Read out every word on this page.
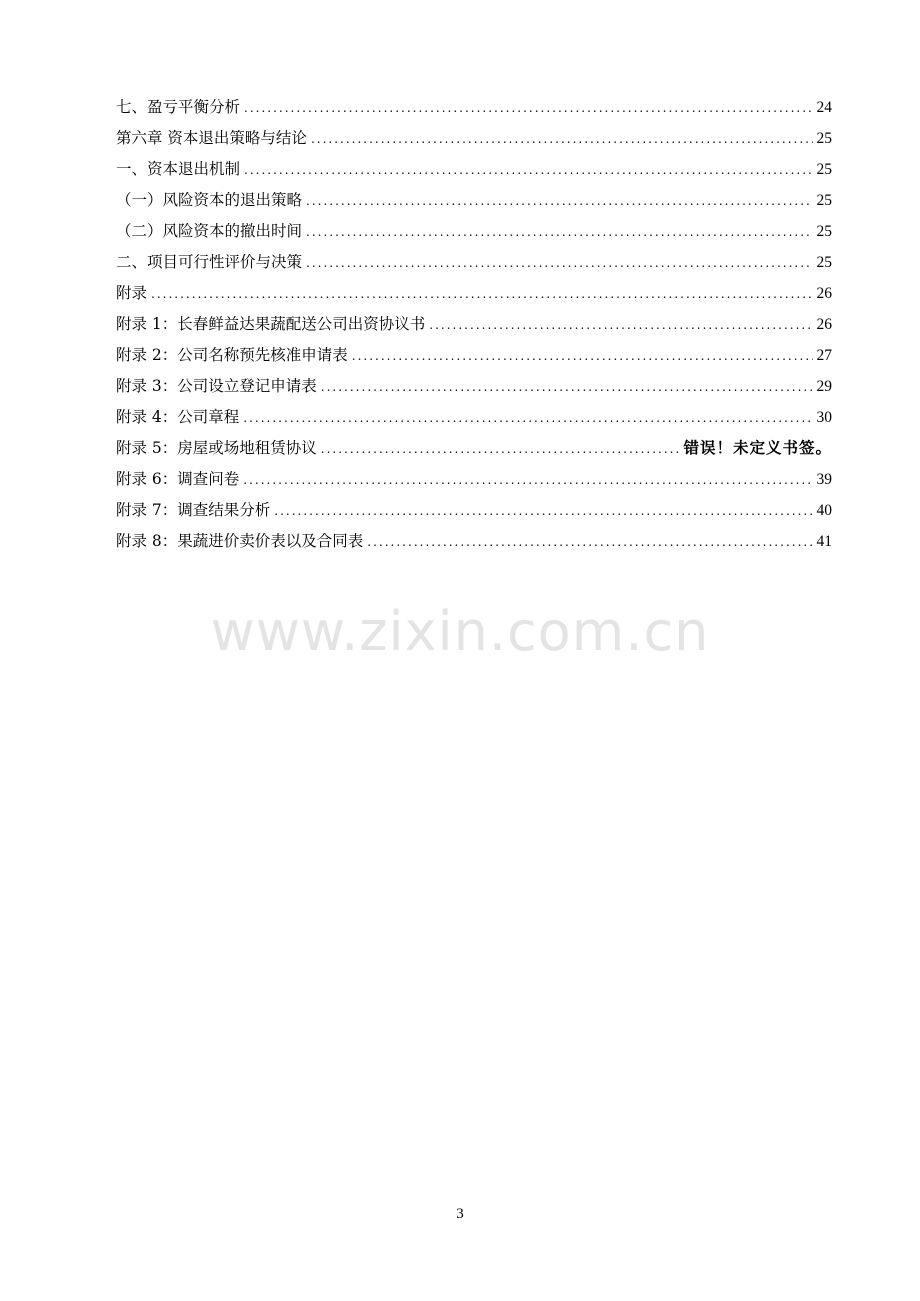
七、盈亏平衡分析 .....	24
第六章 资本退出策略与结论 .....	25
一、资本退出机制 .....	25
（一）风险资本的退出策略 .....	25
（二）风险资本的撤出时间 .....	25
二、项目可行性评价与决策 .....	25
附录 .....	26
附录 1：长春鲜益达果蔬配送公司出资协议书 .....	26
附录 2：公司名称预先核准申请表 .....	27
附录 3：公司设立登记申请表 .....	29
附录 4：公司章程 .....	30
附录 5：房屋或场地租赁协议 .....	错误！未定义书签。
附录 6：调查问卷 .....	39
附录 7：调查结果分析 .....	40
附录 8：果蔬进价卖价表以及合同表 .....	41
www.zixin.com.cn
3
